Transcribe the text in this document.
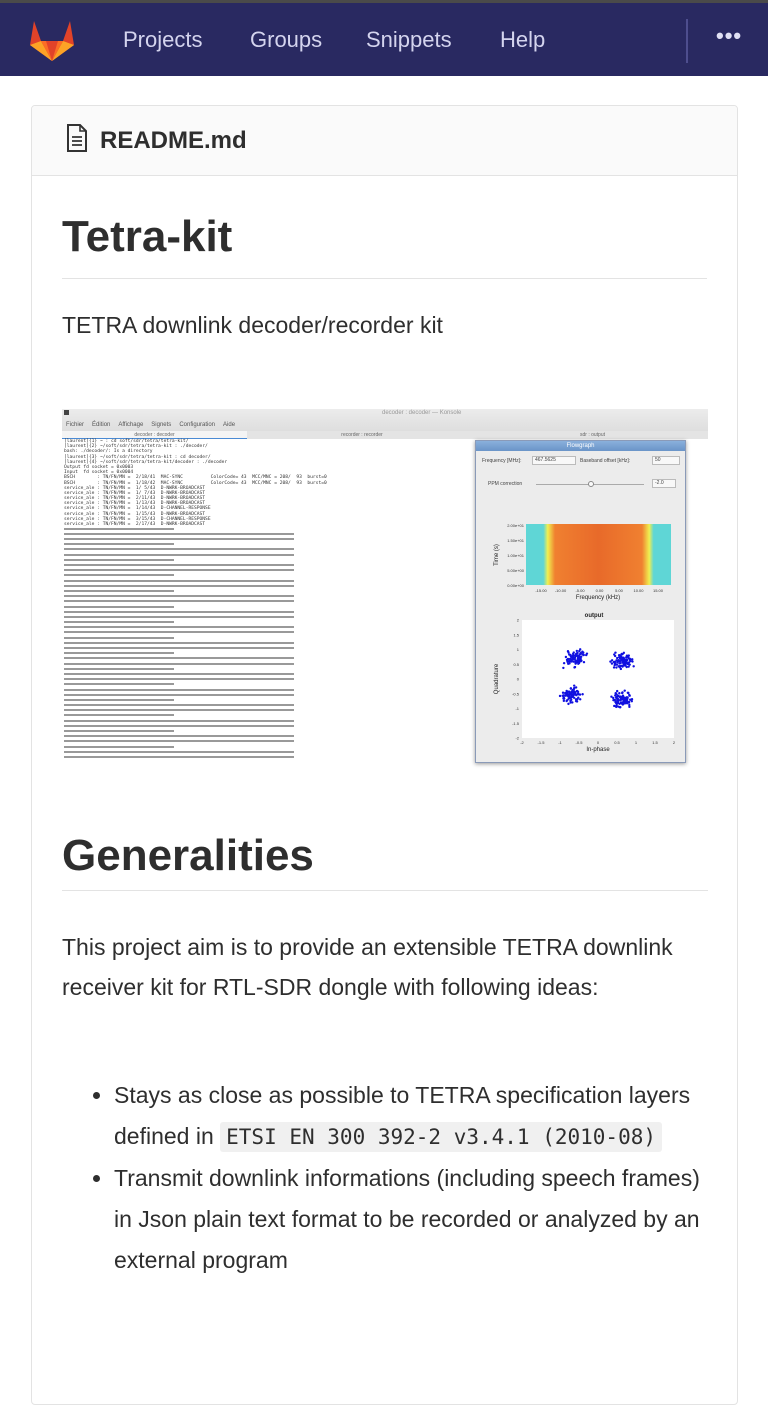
Projects Groups Snippets Help	•••
README.md
Tetra-kit

TETRA downlink decoder/recorder kit

decoder : decoder — Konsole
Fichier Édition Affichage Signets Configuration Aide
decoder : decoder	recorder : recorder	sdr : output
[laurent]{1} ~ : cd soft/sdr/tetra/tetra-kit/
[laurent]{2} ~/soft/sdr/tetra/tetra-kit : ./decoder/
bash: ./decoder/: Is a directory
[laurent]{3} ~/soft/sdr/tetra/tetra-kit : cd decoder/
[laurent]{4} ~/soft/sdr/tetra/tetra-kit/decoder : ./decoder
Output fd socket = 0x0003
Input  fd socket = 0x0004
BSCH        : TN/FN/MN =  2/18/41  MAC-SYNC          ColorCode= 43  MCC/MNC = 208/  93  burst=0
BSCH        : TN/FN/MN =  1/18/42  MAC-SYNC          ColorCode= 43  MCC/MNC = 208/  93  burst=0
service_ale : TN/FN/MN =  1/ 5/43  D-NWRK-BROADCAST
service_ale : TN/FN/MN =  1/ 7/43  D-NWRK-BROADCAST
service_ale : TN/FN/MN =  2/11/43  D-NWRK-BROADCAST
service_ale : TN/FN/MN =  1/13/43  D-NWRK-BROADCAST
service_ale : TN/FN/MN =  1/14/43  D-CHANNEL-RESPONSE
service_ale : TN/FN/MN =  1/15/43  D-NWRK-BROADCAST
service_ale : TN/FN/MN =  3/15/43  D-CHANNEL-RESPONSE
service_ale : TN/FN/MN =  2/17/43  D-NWRK-BROADCAST
Flowgraph
Frequency [MHz]:	467.5625	Baseband offset [kHz]:	50
PPM correction	-2.0
2.00e+01
1.50e+01
1.00e+01
5.00e+00
0.00e+00
-15.00 -10.00 -5.00	0.00	5.00	10.00 15.00
Frequency (kHz)
Time (s)
output
-2
-2
-1.5
-1.5
-1
-1
-0.5
-0.5
0
0
0.5
0.5
1
1
1.5
1.5
2
2
In-phase
Quadrature
Generalities

This project aim is to provide an extensible TETRA downlink receiver kit for RTL-SDR dongle with following ideas:

• Stays as close as possible to TETRA specification layers defined in ETSI EN 300 392-2 v3.4.1 (2010-08)
• Transmit downlink informations (including speech frames) in Json plain text format to be recorded or analyzed by an external program
